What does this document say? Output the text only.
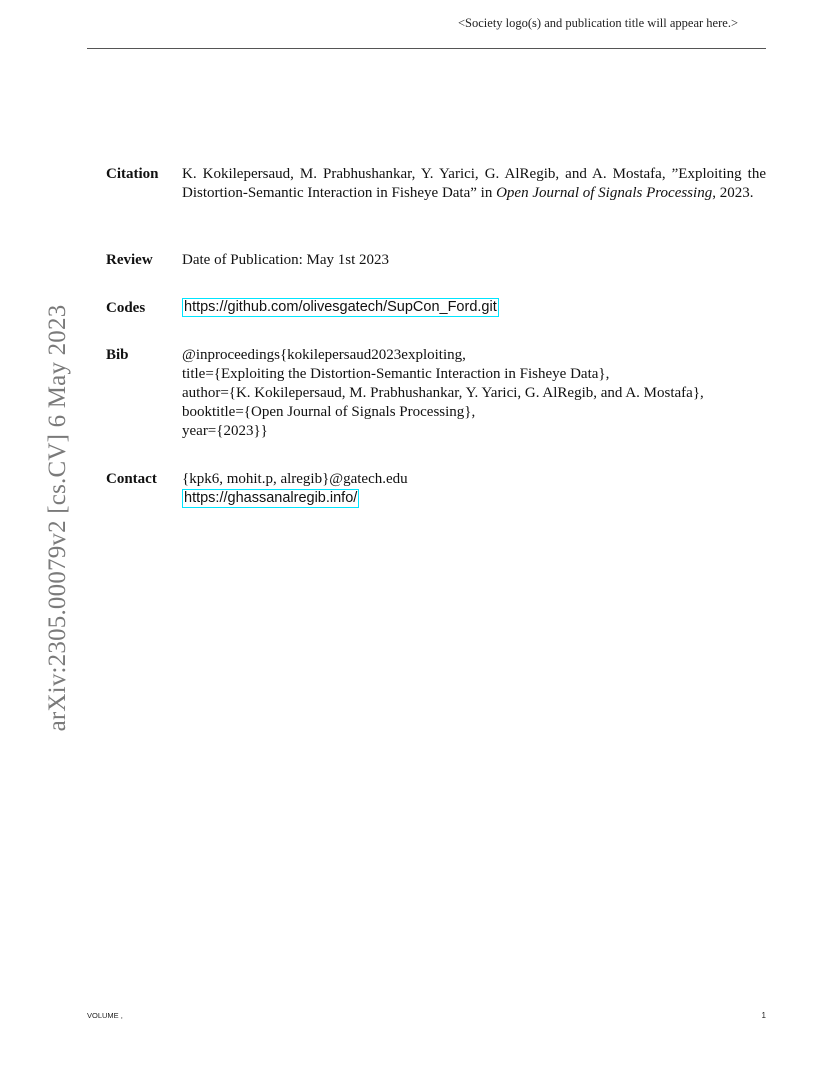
<Society logo(s) and publication title will appear here.>
arXiv:2305.00079v2 [cs.CV] 6 May 2023
Citation K. Kokilepersaud, M. Prabhushankar, Y. Yarici, G. AlRegib, and A. Mostafa, ”Exploiting the Distortion-Semantic Interaction in Fisheye Data” in Open Journal of Signals Processing, 2023.
Review Date of Publication: May 1st 2023
Codes	https://github.com/olivesgatech/SupCon_Ford.git
Bib	@inproceedings{kokilepersaud2023exploiting,
title={Exploiting the Distortion-Semantic Interaction in Fisheye Data},
author={K. Kokilepersaud, M. Prabhushankar, Y. Yarici, G. AlRegib, and A. Mostafa},
booktitle={Open Journal of Signals Processing},
year={2023}}
Contact {kpk6, mohit.p, alregib}@gatech.edu
https://ghassanalregib.info/
VOLUME ,	1
